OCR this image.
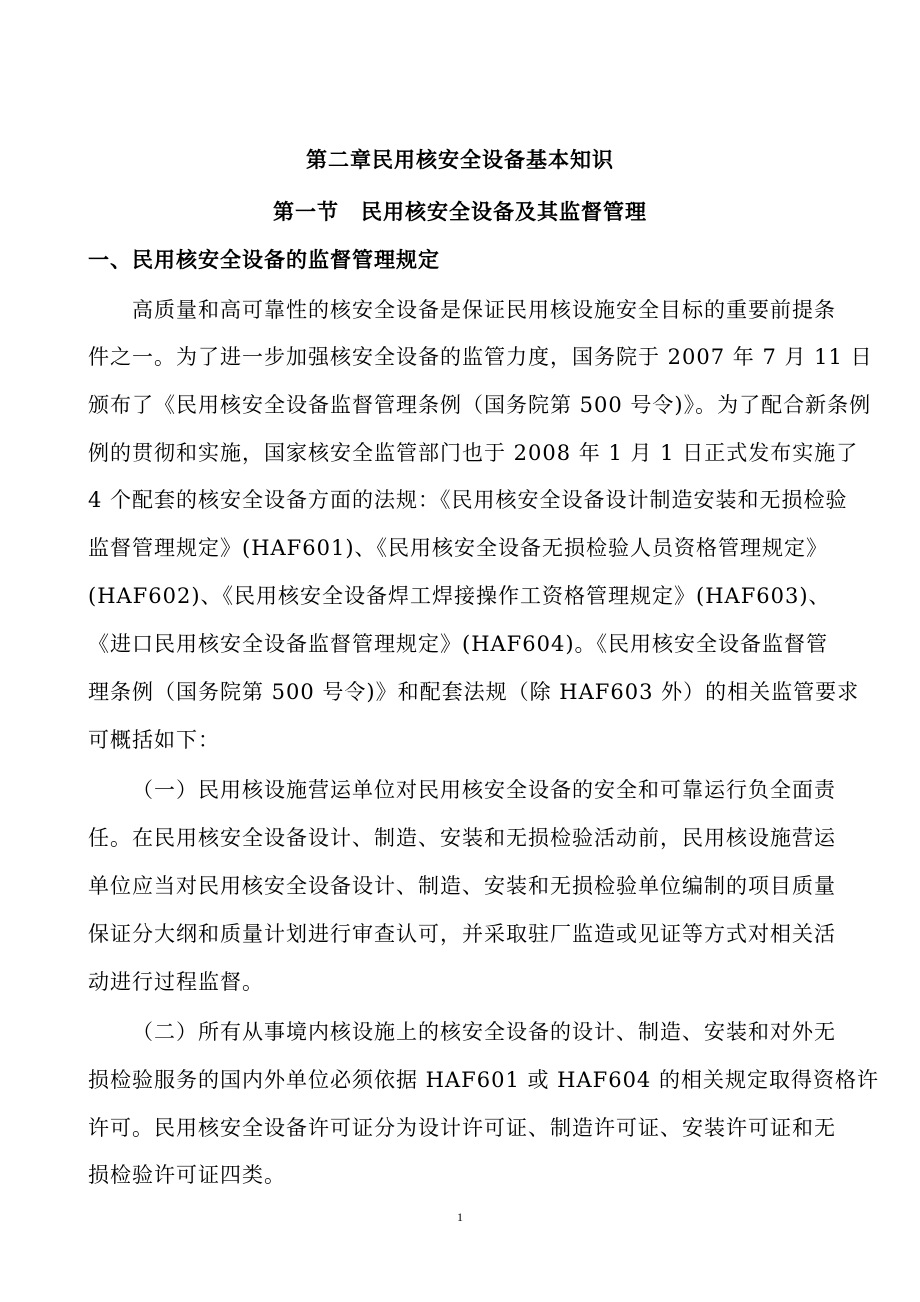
第二章民用核安全设备基本知识
第一节　民用核安全设备及其监督管理
一、民用核安全设备的监督管理规定
高质量和高可靠性的核安全设备是保证民用核设施安全目标的重要前提条
件之一。为了进一步加强核安全设备的监管力度，国务院于 2007 年 7 月 11 日
颁布了《民用核安全设备监督管理条例（国务院第 500 号令)》。为了配合新条例
例的贯彻和实施，国家核安全监管部门也于 2008 年 1 月 1 日正式发布实施了
4 个配套的核安全设备方面的法规：《民用核安全设备设计制造安装和无损检验
监督管理规定》(HAF601)、《民用核安全设备无损检验人员资格管理规定》
(HAF602)、《民用核安全设备焊工焊接操作工资格管理规定》(HAF603)、
《进口民用核安全设备监督管理规定》(HAF604)。《民用核安全设备监督管
理条例（国务院第 500 号令)》和配套法规（除 HAF603 外）的相关监管要求
可概括如下：
（一）民用核设施营运单位对民用核安全设备的安全和可靠运行负全面责
任。在民用核安全设备设计、制造、安装和无损检验活动前，民用核设施营运
单位应当对民用核安全设备设计、制造、安装和无损检验单位编制的项目质量
保证分大纲和质量计划进行审查认可，并采取驻厂监造或见证等方式对相关活
动进行过程监督。
（二）所有从事境内核设施上的核安全设备的设计、制造、安装和对外无
损检验服务的国内外单位必须依据 HAF601 或 HAF604 的相关规定取得资格许
许可。民用核安全设备许可证分为设计许可证、制造许可证、安装许可证和无
损检验许可证四类。
1
